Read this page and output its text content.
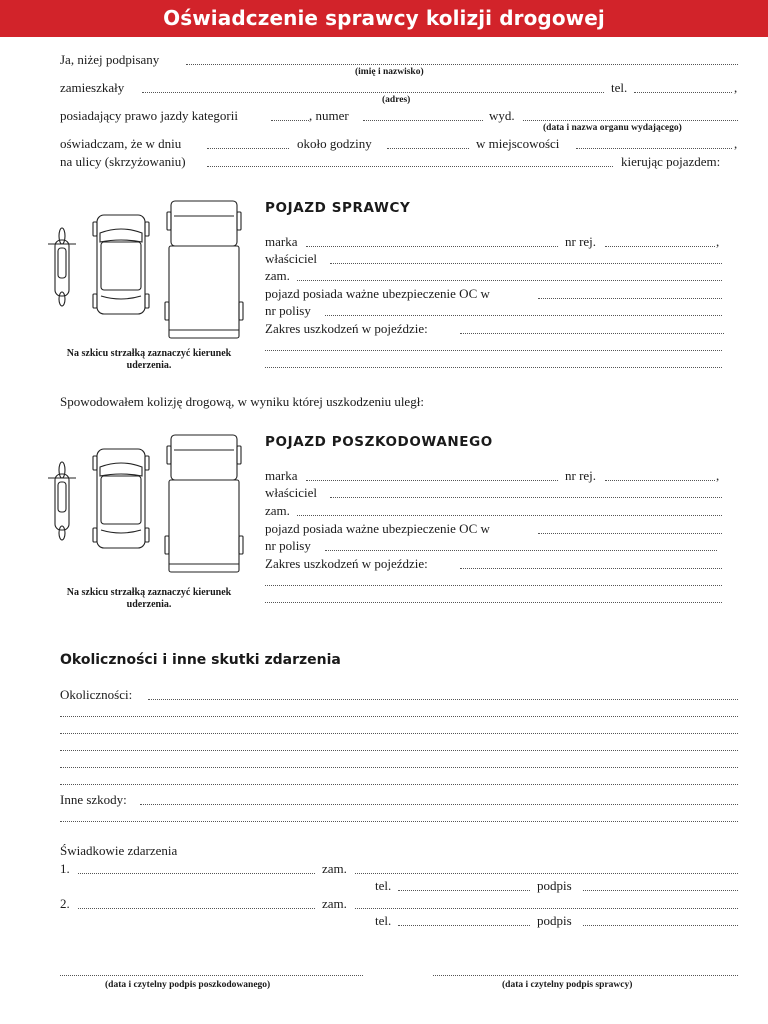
Oświadczenie sprawcy kolizji drogowej
Ja, niżej podpisany
(imię i nazwisko)
zamieszkały	tel.	,
(adres)
posiadający prawo jazdy kategorii	, numer	wyd.
(data i nazwa organu wydającego)
oświadczam, że w dniu	około godziny	w miejscowości	,
na ulicy (skrzyżowaniu)	kierując pojazdem:
Na szkicu strzałką zaznaczyć kierunek uderzenia.
POJAZD SPRAWCY
marka	nr rej.	,
właściciel
zam.
pojazd posiada ważne ubezpieczenie OC w
nr polisy
Zakres uszkodzeń w pojeździe:
Spowodowałem kolizję drogową, w wyniku której uszkodzeniu uległ:
Na szkicu strzałką zaznaczyć kierunek uderzenia.
POJAZD POSZKODOWANEGO
marka	nr rej.	,
właściciel
zam.
pojazd posiada ważne ubezpieczenie OC w
nr polisy
Zakres uszkodzeń w pojeździe:
Okoliczności i inne skutki zdarzenia
Okoliczności:
Inne szkody:
Świadkowie zdarzenia
1.	zam.
tel.	podpis
2.	zam.
tel.	podpis
(data i czytelny podpis poszkodowanego)	(data i czytelny podpis sprawcy)
